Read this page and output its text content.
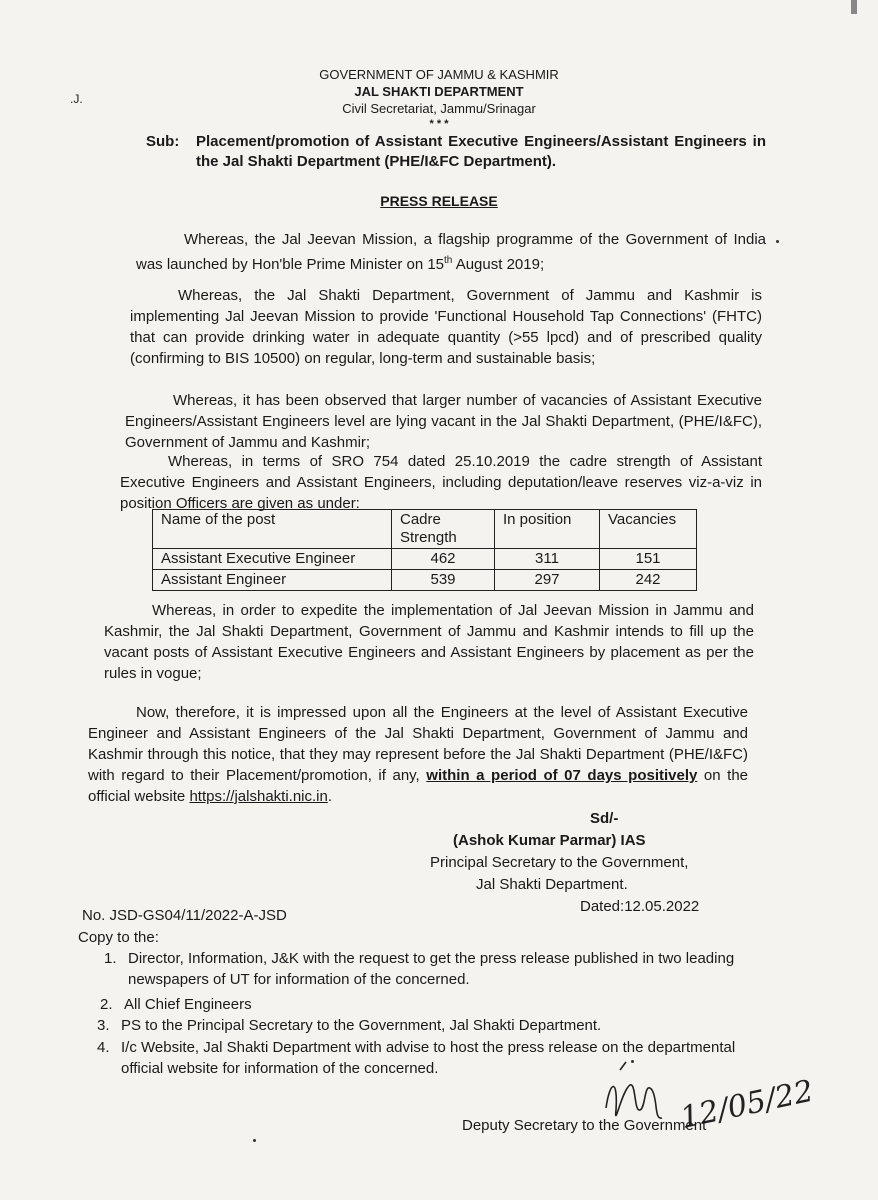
.J.
GOVERNMENT OF JAMMU & KASHMIR
JAL SHAKTI DEPARTMENT
Civil Secretariat, Jammu/Srinagar
* * *
Sub: Placement/promotion of Assistant Executive Engineers/Assistant Engineers in the Jal Shakti Department (PHE/I&FC Department).
PRESS RELEASE
Whereas, the Jal Jeevan Mission, a flagship programme of the Government of India was launched by Hon'ble Prime Minister on 15th August 2019;
Whereas, the Jal Shakti Department, Government of Jammu and Kashmir is implementing Jal Jeevan Mission to provide 'Functional Household Tap Connections' (FHTC) that can provide drinking water in adequate quantity (>55 lpcd) and of prescribed quality (confirming to BIS 10500) on regular, long-term and sustainable basis;
Whereas, it has been observed that larger number of vacancies of Assistant Executive Engineers/Assistant Engineers level are lying vacant in the Jal Shakti Department, (PHE/I&FC), Government of Jammu and Kashmir;
Whereas, in terms of SRO 754 dated 25.10.2019 the cadre strength of Assistant Executive Engineers and Assistant Engineers, including deputation/leave reserves viz-a-viz in position Officers are given as under:
Name of the post	Cadre Strength	In position	Vacancies
Assistant Executive Engineer	462	311	151
Assistant Engineer	539	297	242
Whereas, in order to expedite the implementation of Jal Jeevan Mission in Jammu and Kashmir, the Jal Shakti Department, Government of Jammu and Kashmir intends to fill up the vacant posts of Assistant Executive Engineers and Assistant Engineers by placement as per the rules in vogue;
Now, therefore, it is impressed upon all the Engineers at the level of Assistant Executive Engineer and Assistant Engineers of the Jal Shakti Department, Government of Jammu and Kashmir through this notice, that they may represent before the Jal Shakti Department (PHE/I&FC) with regard to their Placement/promotion, if any, within a period of 07 days positively on the official website https://jalshakti.nic.in.
Sd/-
(Ashok Kumar Parmar) IAS
Principal Secretary to the Government,
Jal Shakti Department.
No. JSD-GS04/11/2022-A-JSD
Dated:12.05.2022
Copy to the:
1. Director, Information, J&K with the request to get the press release published in two leading newspapers of UT for information of the concerned.
2. All Chief Engineers
3. PS to the Principal Secretary to the Government, Jal Shakti Department.
4. I/c Website, Jal Shakti Department with advise to host the press release on the departmental official website for information of the concerned.
12/05/22
Deputy Secretary to the Government
